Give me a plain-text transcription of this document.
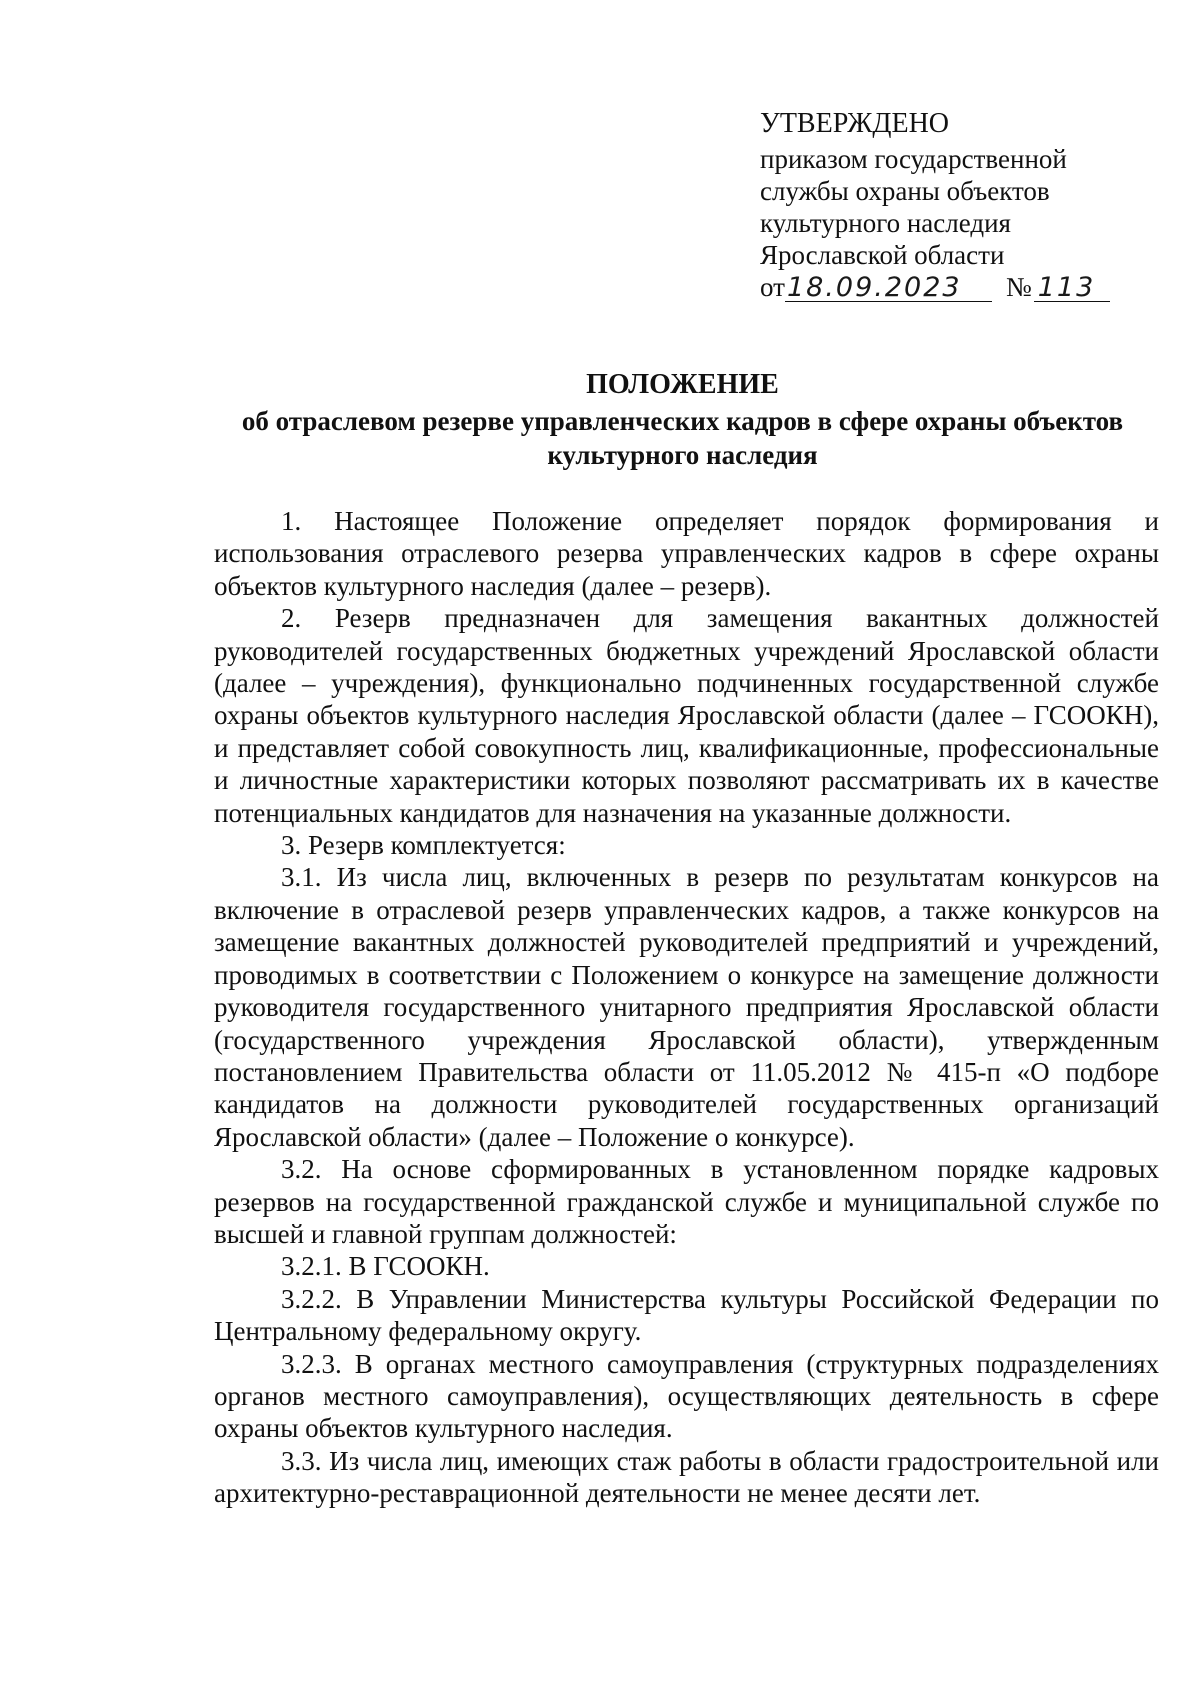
УТВЕРЖДЕНО
приказом государственной
службы охраны объектов
культурного наследия
Ярославской области
от18.09.2023 № 113
ПОЛОЖЕНИЕ
об отраслевом резерве управленческих кадров в сфере охраны объектов
культурного наследия

1. Настоящее Положение определяет порядок формирования и использования отраслевого резерва управленческих кадров в сфере охраны объектов культурного наследия (далее – резерв).

2. Резерв предназначен для замещения вакантных должностей руководителей государственных бюджетных учреждений Ярославской области (далее – учреждения), функционально подчиненных государственной службе охраны объектов культурного наследия Ярославской области (далее – ГСООКН), и представляет собой совокупность лиц, квалификационные, профессиональные и личностные характеристики которых позволяют рассматривать их в качестве потенциальных кандидатов для назначения на указанные должности.

3. Резерв комплектуется:

3.1. Из числа лиц, включенных в резерв по результатам конкурсов на включение в отраслевой резерв управленческих кадров, а также конкурсов на замещение вакантных должностей руководителей предприятий и учреждений, проводимых в соответствии с Положением о конкурсе на замещение должности руководителя государственного унитарного предприятия Ярославской области (государственного учреждения Ярославской области), утвержденным постановлением Правительства области от 11.05.2012 № 415-п «О подборе кандидатов на должности руководителей государственных организаций Ярославской области» (далее – Положение о конкурсе).

3.2. На основе сформированных в установленном порядке кадровых резервов на государственной гражданской службе и муниципальной службе по высшей и главной группам должностей:

3.2.1. В ГСООКН.

3.2.2. В Управлении Министерства культуры Российской Федерации по Центральному федеральному округу.

3.2.3. В органах местного самоуправления (структурных подразделениях органов местного самоуправления), осуществляющих деятельность в сфере охраны объектов культурного наследия.

3.3. Из числа лиц, имеющих стаж работы в области градостроительной или архитектурно-реставрационной деятельности не менее десяти лет.
